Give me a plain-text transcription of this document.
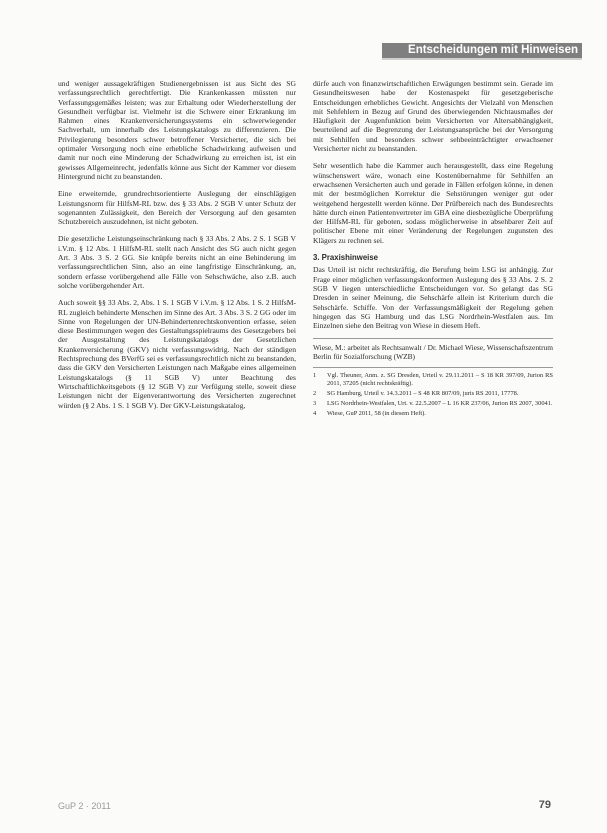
Entscheidungen mit Hinweisen

und weniger aussagekräftigen Studienergebnissen ist aus Sicht des SG verfassungsrechtlich gerechtfertigt. Die Krankenkassen müssten nur Verfassungsgemäßes leisten; was zur Erhaltung oder Wiederherstellung der Gesundheit verfügbar ist. Vielmehr ist die Schwere einer Erkrankung im Rahmen eines Krankenversicherungssystems ein schwerwiegender Sachverhalt, um innerhalb des Leistungskatalogs zu differenzieren. Die Privilegierung besonders schwer betroffener Versicherter, die sich bei optimaler Versorgung noch eine erhebliche Schadwirkung aufweisen und damit nur noch eine Minderung der Schadwirkung zu erreichen ist, ist ein gewisses Allgemeinrecht, jedenfalls könne aus Sicht der Kammer vor diesem Hintergrund nicht zu beanstanden.

Eine erweiternde, grundrechtsorientierte Auslegung der einschlägigen Leistungsnorm für HilfsM-RL bzw. des § 33 Abs. 2 SGB V unter Schutz der sogenannten Zulässigkeit, den Bereich der Versorgung auf den gesamten Schutzbereich auszudehnen, ist nicht geboten.

Die gesetzliche Leistungseinschränkung nach § 33 Abs. 2 Abs. 2 S. 1 SGB V i.V.m. § 12 Abs. 1 HilfsM-RL stellt nach Ansicht des SG auch nicht gegen Art. 3 Abs. 3 S. 2 GG. Sie knüpfe bereits nicht an eine Behinderung im verfassungsrechtlichen Sinn, also an eine langfristige Einschränkung, an, sondern erfasse vorübergehend alle Fälle von Sehschwäche, also z.B. auch solche vorübergehender Art.

Auch soweit §§ 33 Abs. 2, Abs. 1 S. 1 SGB V i.V.m. § 12 Abs. 1 S. 2 HilfsM-RL zugleich behinderte Menschen im Sinne des Art. 3 Abs. 3 S. 2 GG oder im Sinne von Regelungen der UN-Behindertenrechtskonvention erfasse, seien diese Bestimmungen wegen des Gestaltungsspielraums des Gesetzgebers bei der Ausgestaltung des Leistungskatalogs der Gesetzlichen Krankenversicherung (GKV) nicht verfassungswidrig. Nach der ständigen Rechtsprechung des BVerfG sei es verfassungsrechtlich nicht zu beanstanden, dass die GKV den Versicherten Leistungen nach Maßgabe eines allgemeinen Leistungskatalogs (§ 11 SGB V) unter Beachtung des Wirtschaftlichkeitsgebots (§ 12 SGB V) zur Verfügung stelle, soweit diese Leistungen nicht der Eigenverantwortung des Versicherten zugerechnet würden (§ 2 Abs. 1 S. 1 SGB V). Der GKV-Leistungskatalog,

dürfe auch von finanzwirtschaftlichen Erwägungen bestimmt sein. Gerade im Gesundheitswesen habe der Kostenaspekt für gesetzgeberische Entscheidungen erhebliches Gewicht. Angesichts der Vielzahl von Menschen mit Sehfehlern in Bezug auf Grund des überwiegenden Nichtausmaßes der Häufigkeit der Augenfunktion beim Versicherten vor Altersabhängigkeit, beurteilend auf die Begrenzung der Leistungsansprüche bei der Versorgung mit Sehhilfen und besonders schwer sehbeeinträchtigter erwachsener Versicherter nicht zu beanstanden.

Sehr wesentlich habe die Kammer auch herausgestellt, dass eine Regelung wünschenswert wäre, wonach eine Kostenübernahme für Sehhilfen an erwachsenen Versicherten auch und gerade in Fällen erfolgen könne, in denen mit der bestmöglichen Korrektur die Sehstörungen weniger gut oder weitgehend hergestellt werden könne. Der Prüfbereich nach des Bundesrechts hätte durch einen Patientenvertreter im GBA eine diesbezügliche Überprüfung der HilfsM-RL für geboten, sodass möglicherweise in absehbarer Zeit auf politischer Ebene mit einer Veränderung der Regelungen zugunsten des Klägers zu rechnen sei.

3. Praxishinweise

Das Urteil ist nicht rechtskräftig, die Berufung beim LSG ist anhängig. Zur Frage einer möglichen verfassungskonformen Auslegung des § 33 Abs. 2 S. 2 SGB V liegen unterschiedliche Entscheidungen vor. So gelangt das SG Dresden in seiner Meinung, die Sehschärfe allein ist Kriterium durch die Sehschärfe. Schiffe. Von der Verfassungsmäßigkeit der Regelung gehen hingegen das SG Hamburg und das LSG Nordrhein-Westfalen aus. Im Einzelnen siehe den Beitrag von Wiese in diesem Heft.

Wiese, M.: arbeitet als Rechtsanwalt / Dr. Michael Wiese, Wissenschaftszentrum Berlin für Sozialforschung (WZB)
1	Vgl. Theuner, Anm. z. SG Dresden, Urteil v. 29.11.2011 – S 18 KR 397/09, Jurion RS 2011, 37205 (nicht rechtskräftig).
2	SG Hamburg, Urteil v. 14.3.2011 – S 48 KR 807/09, juris RS 2011, 17778.
3	LSG Nordrhein-Westfalen, Urt. v. 22.5.2007 – L 16 KR 237/06, Jurion RS 2007, 30041.
4	Wiese, GuP 2011, 58 (in diesem Heft).
GuP 2 · 2011	79
